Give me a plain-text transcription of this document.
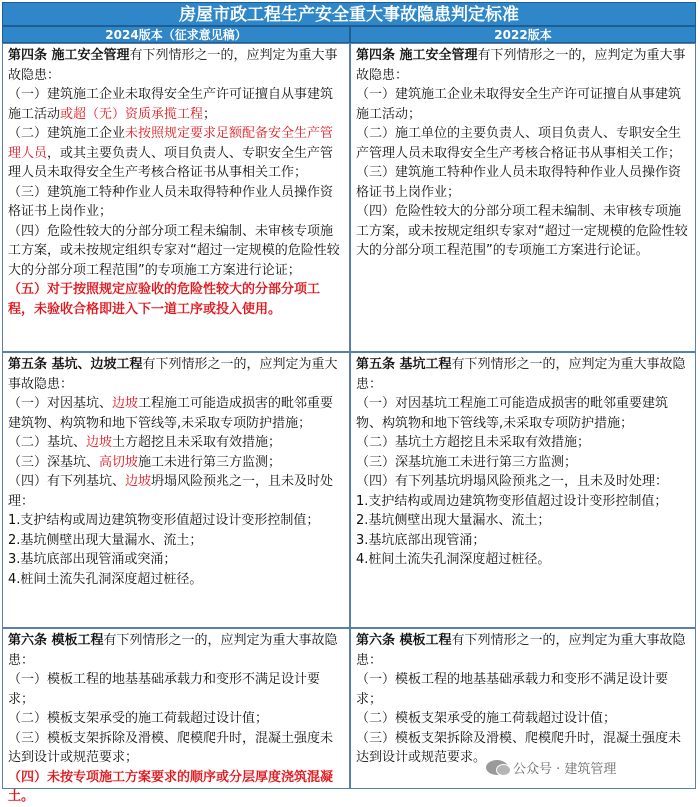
房屋市政工程生产安全重大事故隐患判定标准
2024版本（征求意见稿）	2022版本

第四条 施工安全管理有下列情形之一的，应判定为重大事故隐患：

（一）建筑施工企业未取得安全生产许可证擅自从事建筑施工活动或超（无）资质承揽工程；

（二）建筑施工企业未按照规定要求足额配备安全生产管理人员，或其主要负责人、项目负责人、专职安全生产管理人员未取得安全生产考核合格证书从事相关工作；

（三）建筑施工特种作业人员未取得特种作业人员操作资格证书上岗作业；

（四）危险性较大的分部分项工程未编制、未审核专项施工方案，或未按规定组织专家对“超过一定规模的危险性较大的分部分项工程范围”的专项施工方案进行论证；

（五）对于按照规定应验收的危险性较大的分部分项工程，未验收合格即进入下一道工序或投入使用。

第四条 施工安全管理有下列情形之一的，应判定为重大事故隐患：

（一）建筑施工企业未取得安全生产许可证擅自从事建筑施工活动；

（二）施工单位的主要负责人、项目负责人、专职安全生产管理人员未取得安全生产考核合格证书从事相关工作；

（三）建筑施工特种作业人员未取得特种作业人员操作资格证书上岗作业；

（四）危险性较大的分部分项工程未编制、未审核专项施工方案，或未按规定组织专家对“超过一定规模的危险性较大的分部分项工程范围”的专项施工方案进行论证。

第五条 基坑、边坡工程有下列情形之一的，应判定为重大事故隐患：

（一）对因基坑、边坡工程施工可能造成损害的毗邻重要建筑物、构筑物和地下管线等,未采取专项防护措施；

（二）基坑、边坡土方超挖且未采取有效措施；

（三）深基坑、高切坡施工未进行第三方监测；

（四）有下列基坑、边坡坍塌风险预兆之一，且未及时处理：

1.支护结构或周边建筑物变形值超过设计变形控制值；

2.基坑侧壁出现大量漏水、流土；

3.基坑底部出现管涌或突涌；

4.桩间土流失孔洞深度超过桩径。

第五条 基坑工程有下列情形之一的，应判定为重大事故隐患：

（一）对因基坑工程施工可能造成损害的毗邻重要建筑物、构筑物和地下管线等,未采取专项防护措施；

（二）基坑土方超挖且未采取有效措施；

（三）深基坑施工未进行第三方监测；

（四）有下列基坑坍塌风险预兆之一，且未及时处理：

1.支护结构或周边建筑物变形值超过设计变形控制值；

2.基坑侧壁出现大量漏水、流土；

3.基坑底部出现管涌；

4.桩间土流失孔洞深度超过桩径。

第六条 模板工程有下列情形之一的，应判定为重大事故隐患：

（一）模板工程的地基基础承载力和变形不满足设计要求；

（二）模板支架承受的施工荷载超过设计值；

（三）模板支架拆除及滑模、爬模爬升时，混凝土强度未达到设计或规范要求；

（四）未按专项施工方案要求的顺序或分层厚度浇筑混凝土。

第六条 模板工程有下列情形之一的，应判定为重大事故隐患：

（一）模板工程的地基基础承载力和变形不满足设计要求；

（二）模板支架承受的施工荷载超过设计值；

（三）模板支架拆除及滑模、爬模爬升时，混凝土强度未达到设计或规范要求。

公众号 · 建筑管理
